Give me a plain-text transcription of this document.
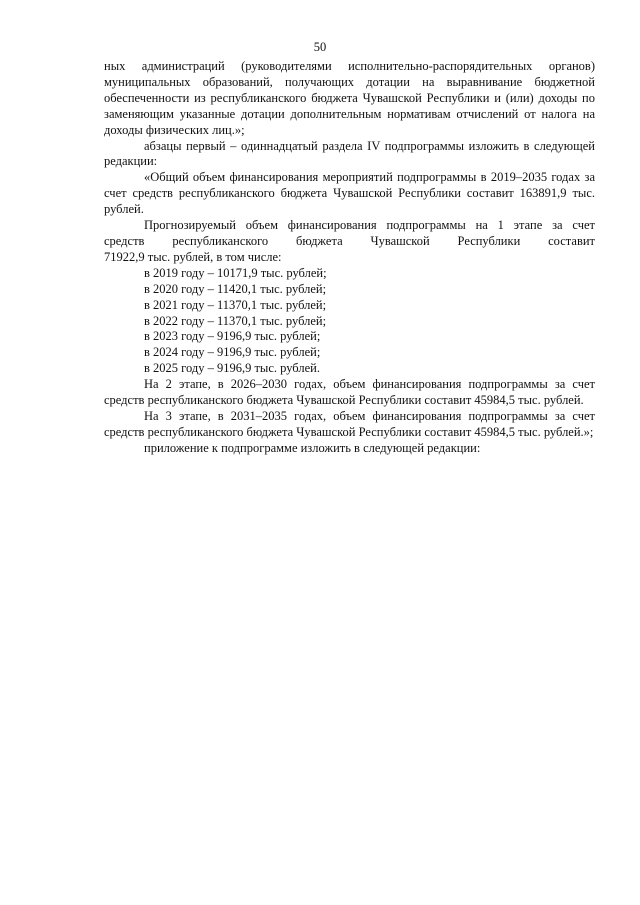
50

ных администраций (руководителями исполнительно-распорядительных органов) муниципальных образований, получающих дотации на выравнивание бюджетной обеспеченности из республиканского бюджета Чувашской Республики и (или) доходы по заменяющим указанные дотации дополнительным нормативам отчислений от налога на доходы физических лиц.»;

абзацы первый – одиннадцатый раздела IV подпрограммы изложить в следующей редакции:

«Общий объем финансирования мероприятий подпрограммы в 2019–2035 годах за счет средств республиканского бюджета Чувашской Республики составит 163891,9 тыс. рублей.

Прогнозируемый объем финансирования подпрограммы на 1 этапе за счет
средств республиканского бюджета Чувашской Республики составит
71922,9 тыс. рублей, в том числе:

в 2019 году – 10171,9 тыс. рублей;

в 2020 году – 11420,1 тыс. рублей;

в 2021 году – 11370,1 тыс. рублей;

в 2022 году – 11370,1 тыс. рублей;

в 2023 году – 9196,9 тыс. рублей;

в 2024 году – 9196,9 тыс. рублей;

в 2025 году – 9196,9 тыс. рублей.

На 2 этапе, в 2026–2030 годах, объем финансирования подпрограммы за счет средств республиканского бюджета Чувашской Республики составит 45984,5 тыс. рублей.

На 3 этапе, в 2031–2035 годах, объем финансирования подпрограммы за счет средств республиканского бюджета Чувашской Республики составит 45984,5 тыс. рублей.»;

приложение к подпрограмме изложить в следующей редакции:
